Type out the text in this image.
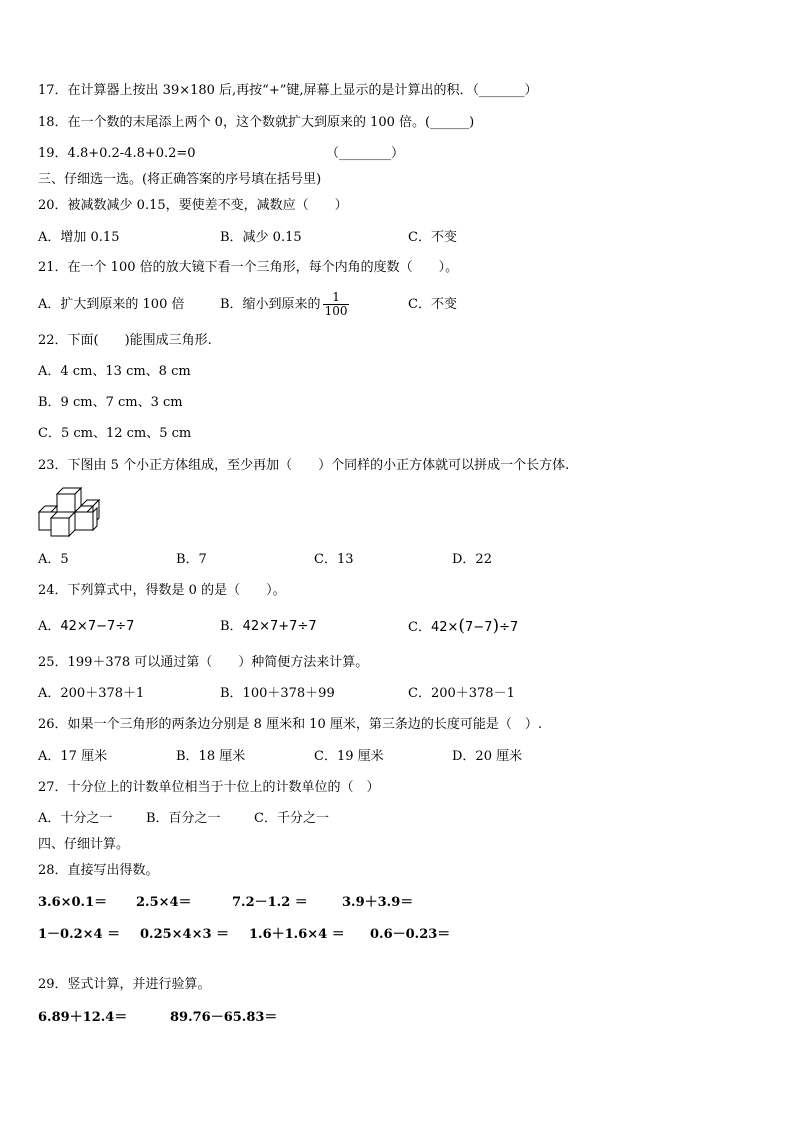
17．在计算器上按出 39×180 后,再按“+”键,屏幕上显示的是计算出的积．（_______）
18．在一个数的末尾添上两个 0，这个数就扩大到原来的 100 倍。(______)
19．4.8+0.2-4.8+0.2=0	（________）
三、仔细选一选。(将正确答案的序号填在括号里)
20．被减数减少 0.15，要使差不变，减数应（　　）
A．增加 0.15	B．减少 0.15	C．不变
21．在一个 100 倍的放大镜下看一个三角形，每个内角的度数（　　）。
A．扩大到原来的 100 倍	B．缩小到原来的 $\frac{1}{100}$	C．不变
22．下面(　　)能围成三角形.
A．4 cm、13 cm、8 cm
B．9 cm、7 cm、3 cm
C．5 cm、12 cm、5 cm
23．下图由 5 个小正方体组成，至少再加（　　）个同样的小正方体就可以拼成一个长方体.
A．5	B．7	C．13	D．22
24．下列算式中，得数是 0 的是（　　）。
A．42×7−7÷7	B．42×7+7÷7	C．42×(7−7)÷7
25．199＋378 可以通过第（　　）种简便方法来计算。
A．200＋378＋1	B．100＋378＋99	C．200＋378－1
26．如果一个三角形的两条边分别是 8 厘米和 10 厘米，第三条边的长度可能是（　）.
A．17 厘米	B．18 厘米	C．19 厘米	D．20 厘米
27．十分位上的计数单位相当于十位上的计数单位的（　）
A．十分之一	B．百分之一	C．千分之一
四、仔细计算。
28．直接写出得数。
3.6×0.1＝ 2.5×4＝	7.2－1.2 ＝	3.9＋3.9＝
1－0.2×4 ＝ 0.25×4×3 ＝ 1.6＋1.6×4 ＝ 0.6－0.23＝
29．竖式计算，并进行验算。
6.89＋12.4＝	89.76－65.83＝
